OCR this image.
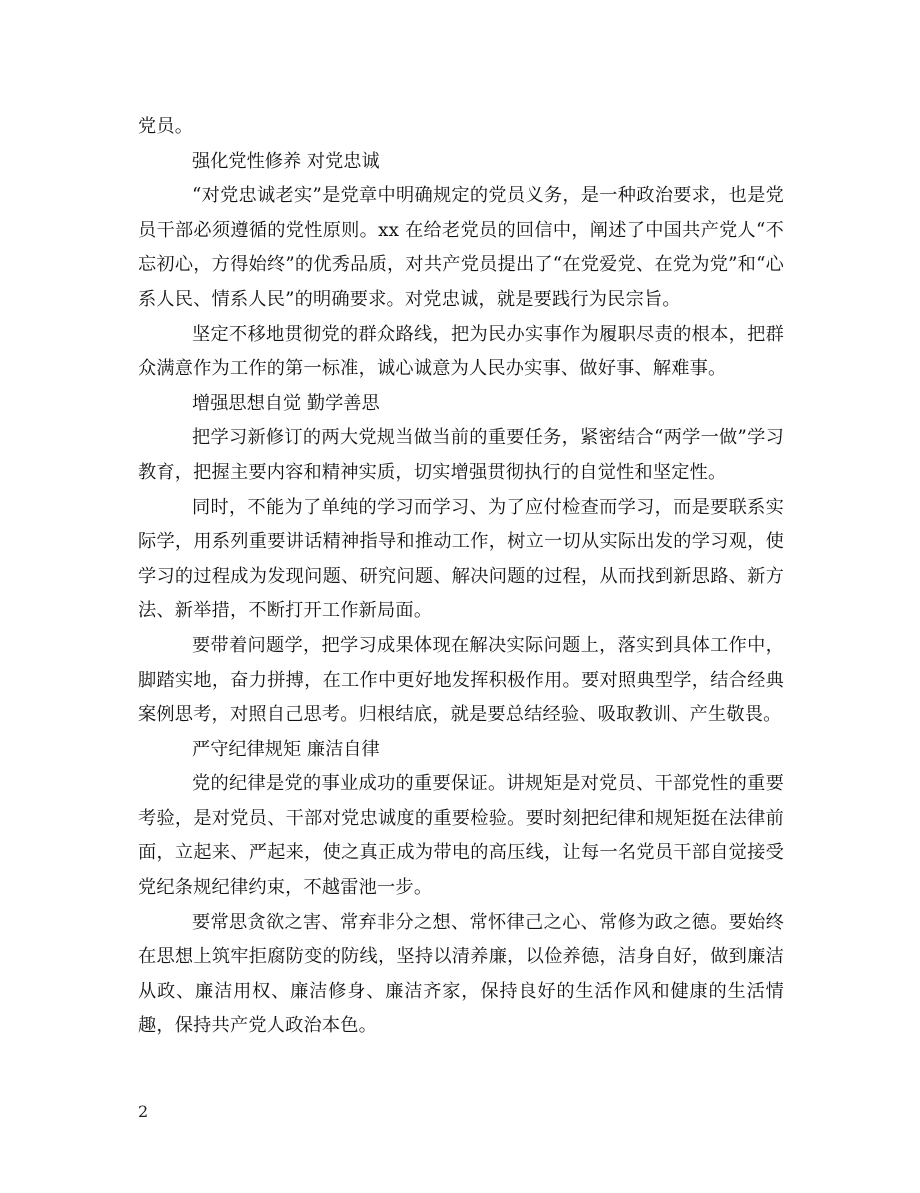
党员。

强化党性修养 对党忠诚

“对党忠诚老实”是党章中明确规定的党员义务，是一种政治要求，也是党员干部必须遵循的党性原则。xx 在给老党员的回信中，阐述了中国共产党人“不忘初心，方得始终”的优秀品质，对共产党员提出了“在党爱党、在党为党”和“心系人民、情系人民”的明确要求。对党忠诚，就是要践行为民宗旨。

坚定不移地贯彻党的群众路线，把为民办实事作为履职尽责的根本，把群众满意作为工作的第一标准，诚心诚意为人民办实事、做好事、解难事。

增强思想自觉 勤学善思

把学习新修订的两大党规当做当前的重要任务，紧密结合“两学一做”学习教育，把握主要内容和精神实质，切实增强贯彻执行的自觉性和坚定性。

同时，不能为了单纯的学习而学习、为了应付检查而学习，而是要联系实际学，用系列重要讲话精神指导和推动工作，树立一切从实际出发的学习观，使学习的过程成为发现问题、研究问题、解决问题的过程，从而找到新思路、新方法、新举措，不断打开工作新局面。

要带着问题学，把学习成果体现在解决实际问题上，落实到具体工作中，脚踏实地，奋力拼搏，在工作中更好地发挥积极作用。要对照典型学，结合经典案例思考，对照自己思考。归根结底，就是要总结经验、吸取教训、产生敬畏。

严守纪律规矩 廉洁自律

党的纪律是党的事业成功的重要保证。讲规矩是对党员、干部党性的重要考验，是对党员、干部对党忠诚度的重要检验。要时刻把纪律和规矩挺在法律前面，立起来、严起来，使之真正成为带电的高压线，让每一名党员干部自觉接受党纪条规纪律约束，不越雷池一步。

要常思贪欲之害、常弃非分之想、常怀律己之心、常修为政之德。要始终在思想上筑牢拒腐防变的防线，坚持以清养廉，以俭养德，洁身自好，做到廉洁从政、廉洁用权、廉洁修身、廉洁齐家，保持良好的生活作风和健康的生活情趣，保持共产党人政治本色。

2
